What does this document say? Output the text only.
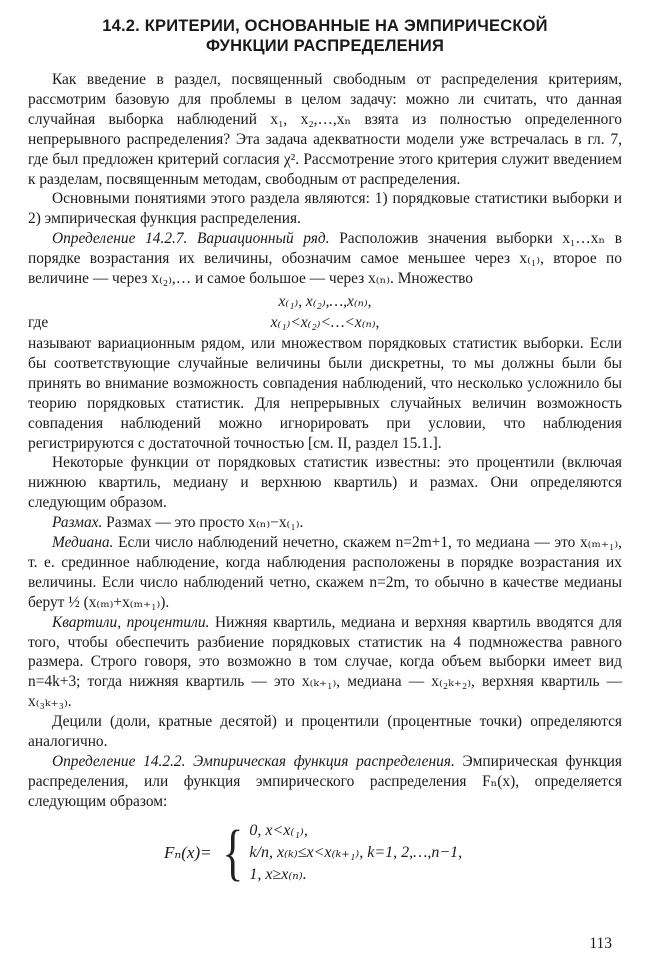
14.2. КРИТЕРИИ, ОСНОВАННЫЕ НА ЭМПИРИЧЕСКОЙ
ФУНКЦИИ РАСПРЕДЕЛЕНИЯ

Как введение в раздел, посвященный свободным от распределения критериям, рассмотрим базовую для проблемы в целом задачу: можно ли считать, что данная случайная выборка наблюдений x₁, x₂,…,xₙ взята из полностью определенного непрерывного распределения? Эта задача адекватности модели уже встречалась в гл. 7, где был предложен критерий согласия χ². Рассмотрение этого критерия служит введением к разделам, посвященным методам, свободным от распределения.

Основными понятиями этого раздела являются: 1) порядковые статистики выборки и 2) эмпирическая функция распределения.

Определение 14.2.7. Вариационный ряд. Расположив значения выборки x₁…xₙ в порядке возрастания их величины, обозначим самое меньшее через x₍₁₎, второе по величине — через x₍₂₎,… и самое большое — через x₍ₙ₎. Множество

x₍₁₎, x₍₂₎,…,x₍ₙ₎,
где	x₍₁₎<x₍₂₎<…<x₍ₙ₎,

называют вариационным рядом, или множеством порядковых статистик выборки. Если бы соответствующие случайные величины были дискретны, то мы должны были бы принять во внимание возможность совпадения наблюдений, что несколько усложнило бы теорию порядковых статистик. Для непрерывных случайных величин возможность совпадения наблюдений можно игнорировать при условии, что наблюдения регистрируются с достаточной точностью [см. II, раздел 15.1.].

Некоторые функции от порядковых статистик известны: это процентили (включая нижнюю квартиль, медиану и верхнюю квартиль) и размах. Они определяются следующим образом.

Размах. Размах — это просто x₍ₙ₎−x₍₁₎.

Медиана. Если число наблюдений нечетно, скажем n=2m+1, то медиана — это x₍ₘ₊₁₎, т. е. срединное наблюдение, когда наблюдения расположены в порядке возрастания их величины. Если число наблюдений четно, скажем n=2m, то обычно в качестве медианы берут ½ (x₍ₘ₎+x₍ₘ₊₁₎).

Квартили, процентили. Нижняя квартиль, медиана и верхняя квартиль вводятся для того, чтобы обеспечить разбиение порядковых статистик на 4 подмножества равного размера. Строго говоря, это возможно в том случае, когда объем выборки имеет вид n=4k+3; тогда нижняя квартиль — это x₍ₖ₊₁₎, медиана — x₍₂ₖ₊₂₎, верхняя квартиль — x₍₃ₖ₊₃₎.

Децили (доли, кратные десятой) и процентили (процентные точки) определяются аналогично.

Определение 14.2.2. Эмпирическая функция распределения. Эмпирическая функция распределения, или функция эмпирического распределения Fₙ(x), определяется следующим образом:

Fₙ(x)= { 0, x<x₍₁₎,
k/n, x₍ₖ₎≤x<x₍ₖ₊₁₎, k=1, 2,…,n−1,
1, x≥x₍ₙ₎.
113
